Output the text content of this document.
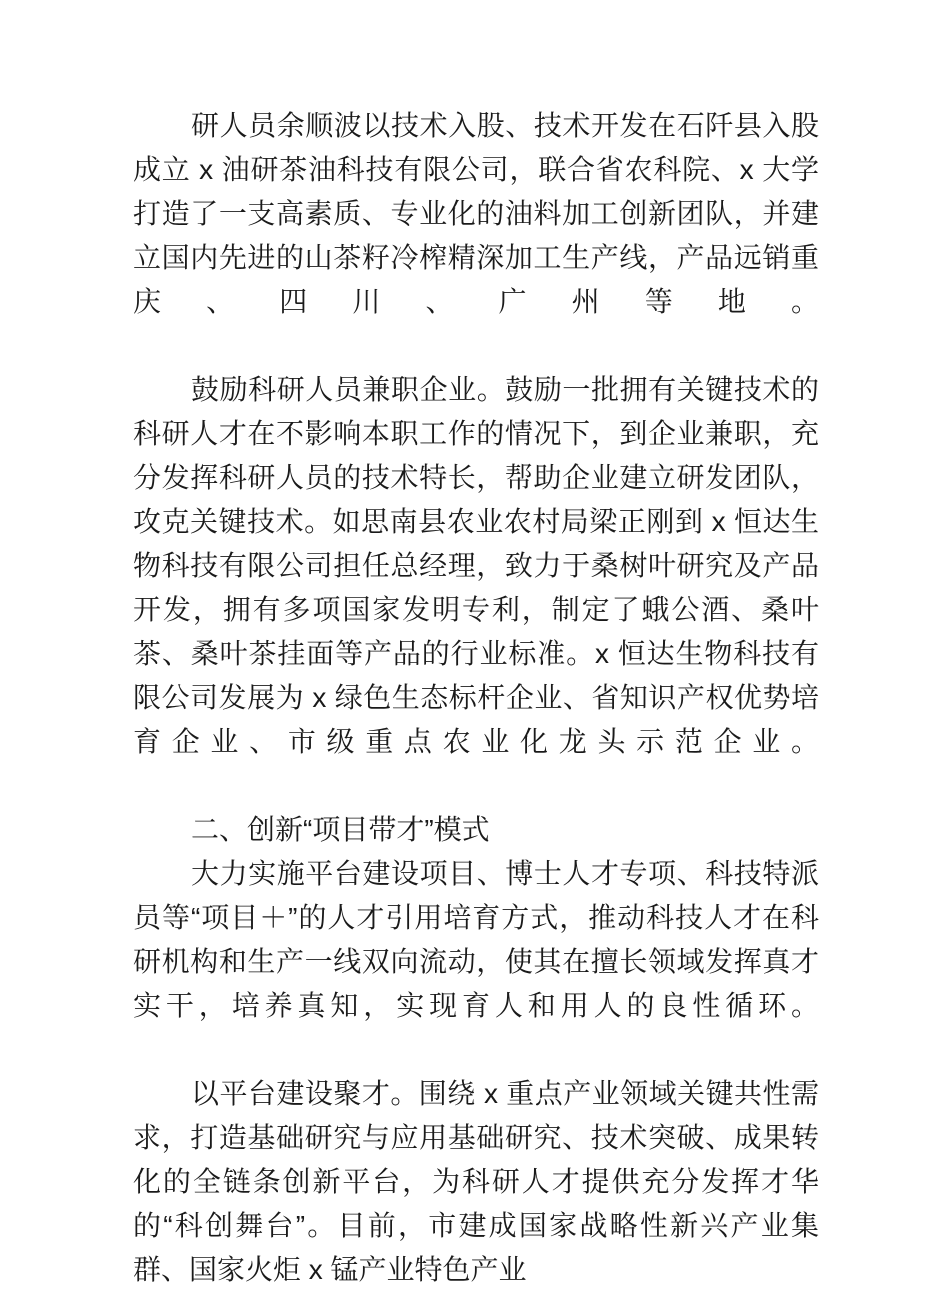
研人员余顺波以技术入股、技术开发在石阡县入股成立 x 油研茶油科技有限公司，联合省农科院、x 大学打造了一支高素质、专业化的油料加工创新团队，并建立国内先进的山茶籽冷榨精深加工生产线，产品远销重庆、四川、广州等地。

鼓励科研人员兼职企业。鼓励一批拥有关键技术的科研人才在不影响本职工作的情况下，到企业兼职，充分发挥科研人员的技术特长，帮助企业建立研发团队，攻克关键技术。如思南县农业农村局梁正刚到 x 恒达生物科技有限公司担任总经理，致力于桑树叶研究及产品开发，拥有多项国家发明专利，制定了蛾公酒、桑叶茶、桑叶茶挂面等产品的行业标准。x 恒达生物科技有限公司发展为 x 绿色生态标杆企业、省知识产权优势培育企业、市级重点农业化龙头示范企业。

二、创新“项目带才”模式

大力实施平台建设项目、博士人才专项、科技特派员等“项目＋”的人才引用培育方式，推动科技人才在科研机构和生产一线双向流动，使其在擅长领域发挥真才实干，培养真知，实现育人和用人的良性循环。

以平台建设聚才。围绕 x 重点产业领域关键共性需求，打造基础研究与应用基础研究、技术突破、成果转化的全链条创新平台，为科研人才提供充分发挥才华的“科创舞台”。目前，市建成国家战略性新兴产业集群、国家火炬 x 锰产业特色产业
